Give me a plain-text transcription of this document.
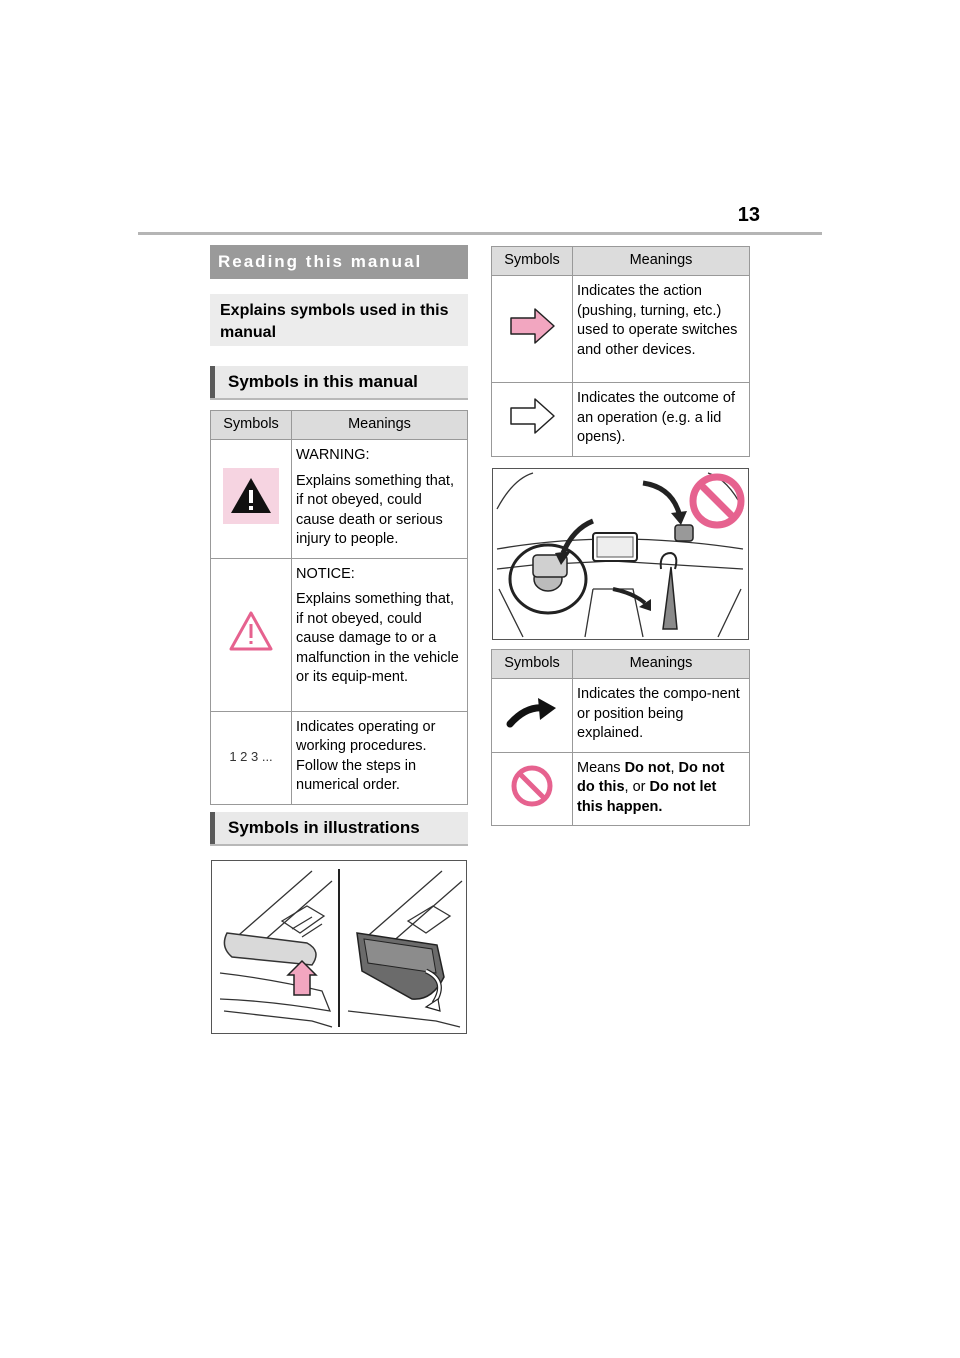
13
Reading this manual
Explains symbols used in this manual
Symbols in this manual
Symbols	Meanings

WARNING:

Explains something that, if not obeyed, could cause death or serious injury to people.

NOTICE:

Explains something that, if not obeyed, could cause damage to or a malfunction in the vehicle or its equip-ment.

1 2 3 ...	Indicates operating or working procedures. Follow the steps in numerical order.

Symbols in illustrations
Symbols	Meanings

Indicates the action (pushing, turning, etc.) used to operate switches and other devices.

Indicates the outcome of an operation (e.g. a lid opens).

Symbols	Meanings

Indicates the compo-nent or position being explained.

Means Do not, Do not do this, or Do not let this happen.
